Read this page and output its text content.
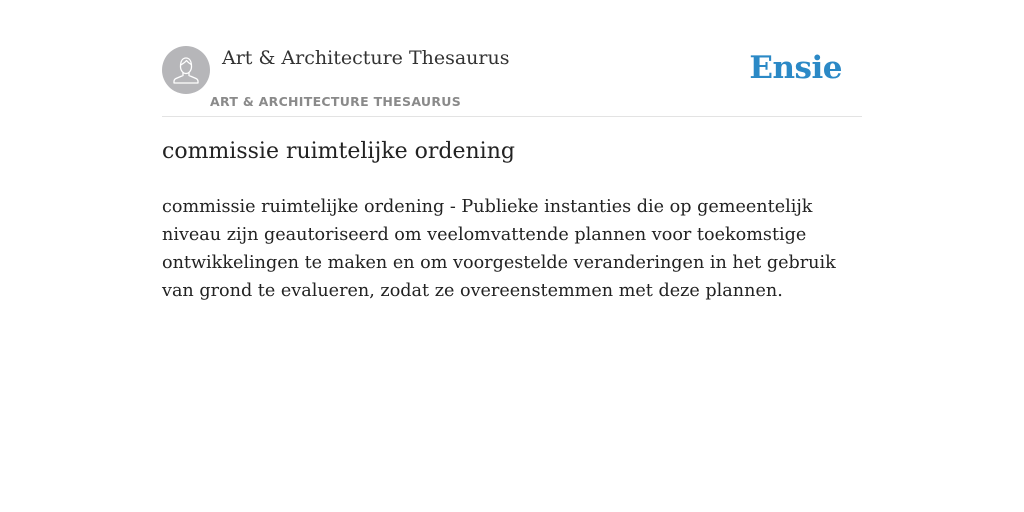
Art & Architecture Thesaurus
ART & ARCHITECTURE THESAURUS
Ensie
commissie ruimtelijke ordening

commissie ruimtelijke ordening - Publieke instanties die op gemeentelijk niveau zijn geautoriseerd om veelomvattende plannen voor toekomstige ontwikkelingen te maken en om voorgestelde veranderingen in het gebruik van grond te evalueren, zodat ze overeenstemmen met deze plannen.
